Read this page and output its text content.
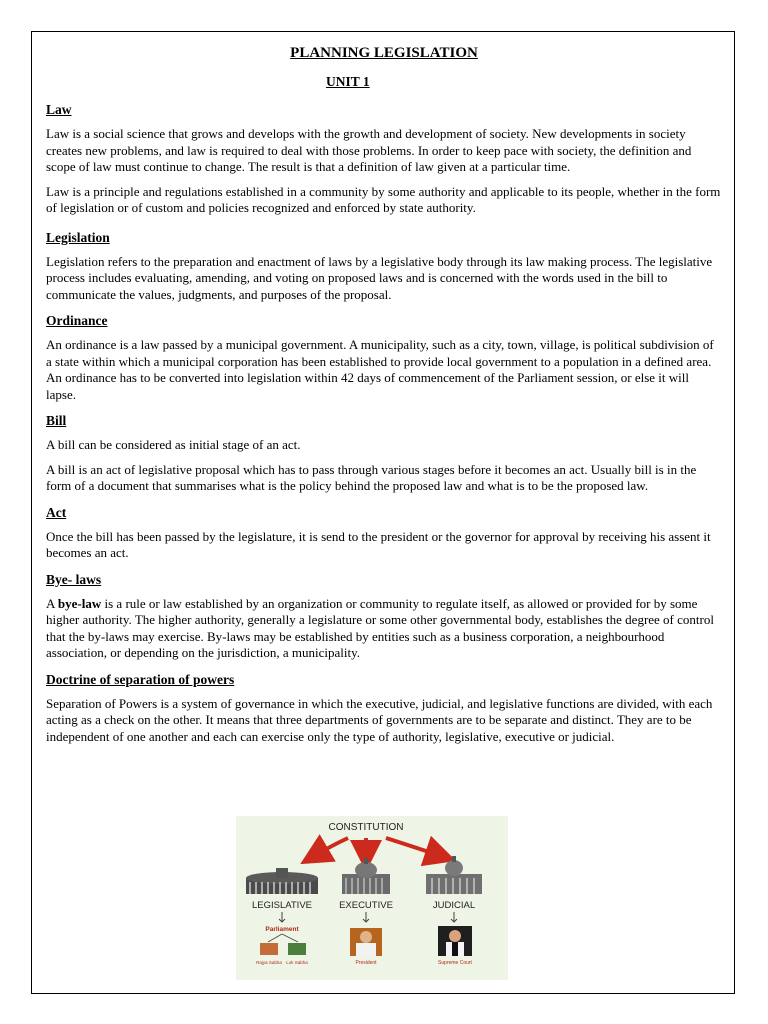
PLANNING LEGISLATION
UNIT 1
Law

Law is a social science that grows and develops with the growth and development of society. New developments in society creates new problems, and law is required to deal with those problems. In order to keep pace with society, the definition and scope of law must continue to change. The result is that a definition of law given at a particular time.

Law is a principle and regulations established in a community by some authority and applicable to its people, whether in the form of legislation or of custom and policies recognized and enforced by state authority.

Legislation

Legislation refers to the preparation and enactment of laws by a legislative body through its law making process. The legislative process includes evaluating, amending, and voting on proposed laws and is concerned with the words used in the bill to communicate the values, judgments, and purposes of the proposal.

Ordinance

An ordinance is a law passed by a municipal government. A municipality, such as a city, town, village, is political subdivision of a state within which a municipal corporation has been established to provide local government to a population in a defined area. An ordinance has to be converted into legislation within 42 days of commencement of the Parliament session, or else it will lapse.

Bill

A bill can be considered as initial stage of an act.

A bill is an act of legislative proposal which has to pass through various stages before it becomes an act. Usually bill is in the form of a document that summarises what is the policy behind the proposed law and what is to be the proposed law.

Act

Once the bill has been passed by the legislature, it is send to the president or the governor for approval by receiving his assent it becomes an act.

Bye- laws

A bye-law is a rule or law established by an organization or community to regulate itself, as allowed or provided for by some higher authority. The higher authority, generally a legislature or some other governmental body, establishes the degree of control that the by-laws may exercise. By-laws may be established by entities such as a business corporation, a neighbourhood association, or depending on the jurisdiction, a municipality.

Doctrine of separation of powers

Separation of Powers is a system of governance in which the executive, judicial, and legislative functions are divided, with each acting as a check on the other. It means that three departments of governments are to be separate and distinct. They are to be independent of one another and each can exercise only the type of authority, legislative, executive or judicial.

CONSTITUTION
LEGISLATIVE	EXECUTIVE	JUDICIAL
Parliament
Rajya Sabha Lok Sabha	President	Supreme Court
